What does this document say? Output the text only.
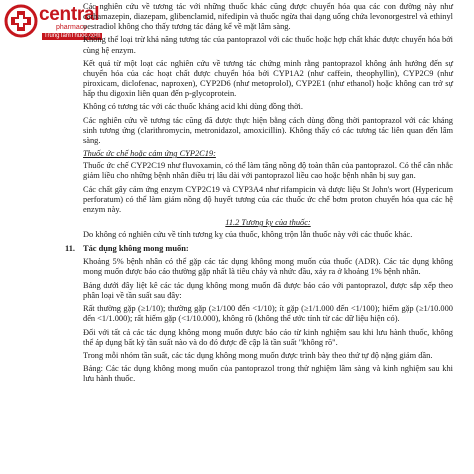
central
pharmacy
TrungTamThuoc.com

Các nghiên cứu về tương tác với những thuốc khác cũng được chuyển hóa qua các con đường này như carbamazepin, diazepam, glibenclamid, nifedipin và thuốc ngừa thai dạng uống chứa levonorgestrel và ethinyl oestradiol không cho thấy tương tác đáng kể về mặt lâm sàng.

Không thể loại trừ khả năng tương tác của pantoprazol với các thuốc hoặc hợp chất khác được chuyển hóa bởi cùng hệ enzym.

Kết quả từ một loạt các nghiên cứu về tương tác chứng minh rằng pantoprazol không ảnh hưởng đến sự chuyển hóa của các hoạt chất được chuyển hóa bởi CYP1A2 (như caffein, theophyllin), CYP2C9 (như piroxicam, diclofenac, naproxen), CYP2D6 (như metoprolol), CYP2E1 (như ethanol) hoặc không can trở sự hấp thu digoxin liên quan đến p-glycoprotein.

Không có tương tác với các thuốc kháng acid khi dùng đồng thời.

Các nghiên cứu về tương tác cũng đã được thực hiện bằng cách dùng đồng thời pantoprazol với các kháng sinh tương ứng (clarithromycin, metronidazol, amoxicillin). Không thấy có các tương tác liên quan đến lâm sàng.

Thuốc ức chế hoặc cảm ứng CYP2C19:

Thuốc ức chế CYP2C19 như fluvoxamin, có thể làm tăng nồng độ toàn thân của pantoprazol. Có thể cân nhắc giảm liều cho những bệnh nhân điều trị lâu dài với pantoprazol liều cao hoặc bệnh nhân bị suy gan.

Các chất gây cảm ứng enzym CYP2C19 và CYP3A4 như rifampicin và dược liệu St John's wort (Hypericum perforatum) có thể làm giảm nồng độ huyết tương của các thuốc ức chế bơm proton chuyển hóa qua các hệ enzym này.

11.2 Tương kỵ của thuốc:

Do không có nghiên cứu về tính tương kỵ của thuốc, không trộn lẫn thuốc này với các thuốc khác.

11. Tác dụng không mong muốn:

Khoảng 5% bệnh nhân có thể gặp các tác dụng không mong muốn của thuốc (ADR). Các tác dụng không mong muốn được báo cáo thường gặp nhất là tiêu chảy và nhức đầu, xảy ra ở khoảng 1% bệnh nhân.

Bảng dưới đây liệt kê các tác dụng không mong muốn đã được báo cáo với pantoprazol, được sắp xếp theo phân loại về tần suất sau đây:

Rất thường gặp (≥1/10); thường gặp (≥1/100 đến <1/10); ít gặp (≥1/1.000 đến <1/100); hiếm gặp (≥1/10.000 đến <1/1.000); rất hiếm gặp (<1/10.000), không rõ (không thể ước tính từ các dữ liệu hiện có).

Đối với tất cả các tác dụng không mong muốn được báo cáo từ kinh nghiệm sau khi lưu hành thuốc, không thể áp dụng bất kỳ tần suất nào và do đó được đề cập là tần suất "không rõ".

Trong mỗi nhóm tần suất, các tác dụng không mong muốn được trình bày theo thứ tự độ nặng giảm dần.

Bảng: Các tác dụng không mong muốn của pantoprazol trong thử nghiệm lâm sàng và kinh nghiệm sau khi lưu hành thuốc.
